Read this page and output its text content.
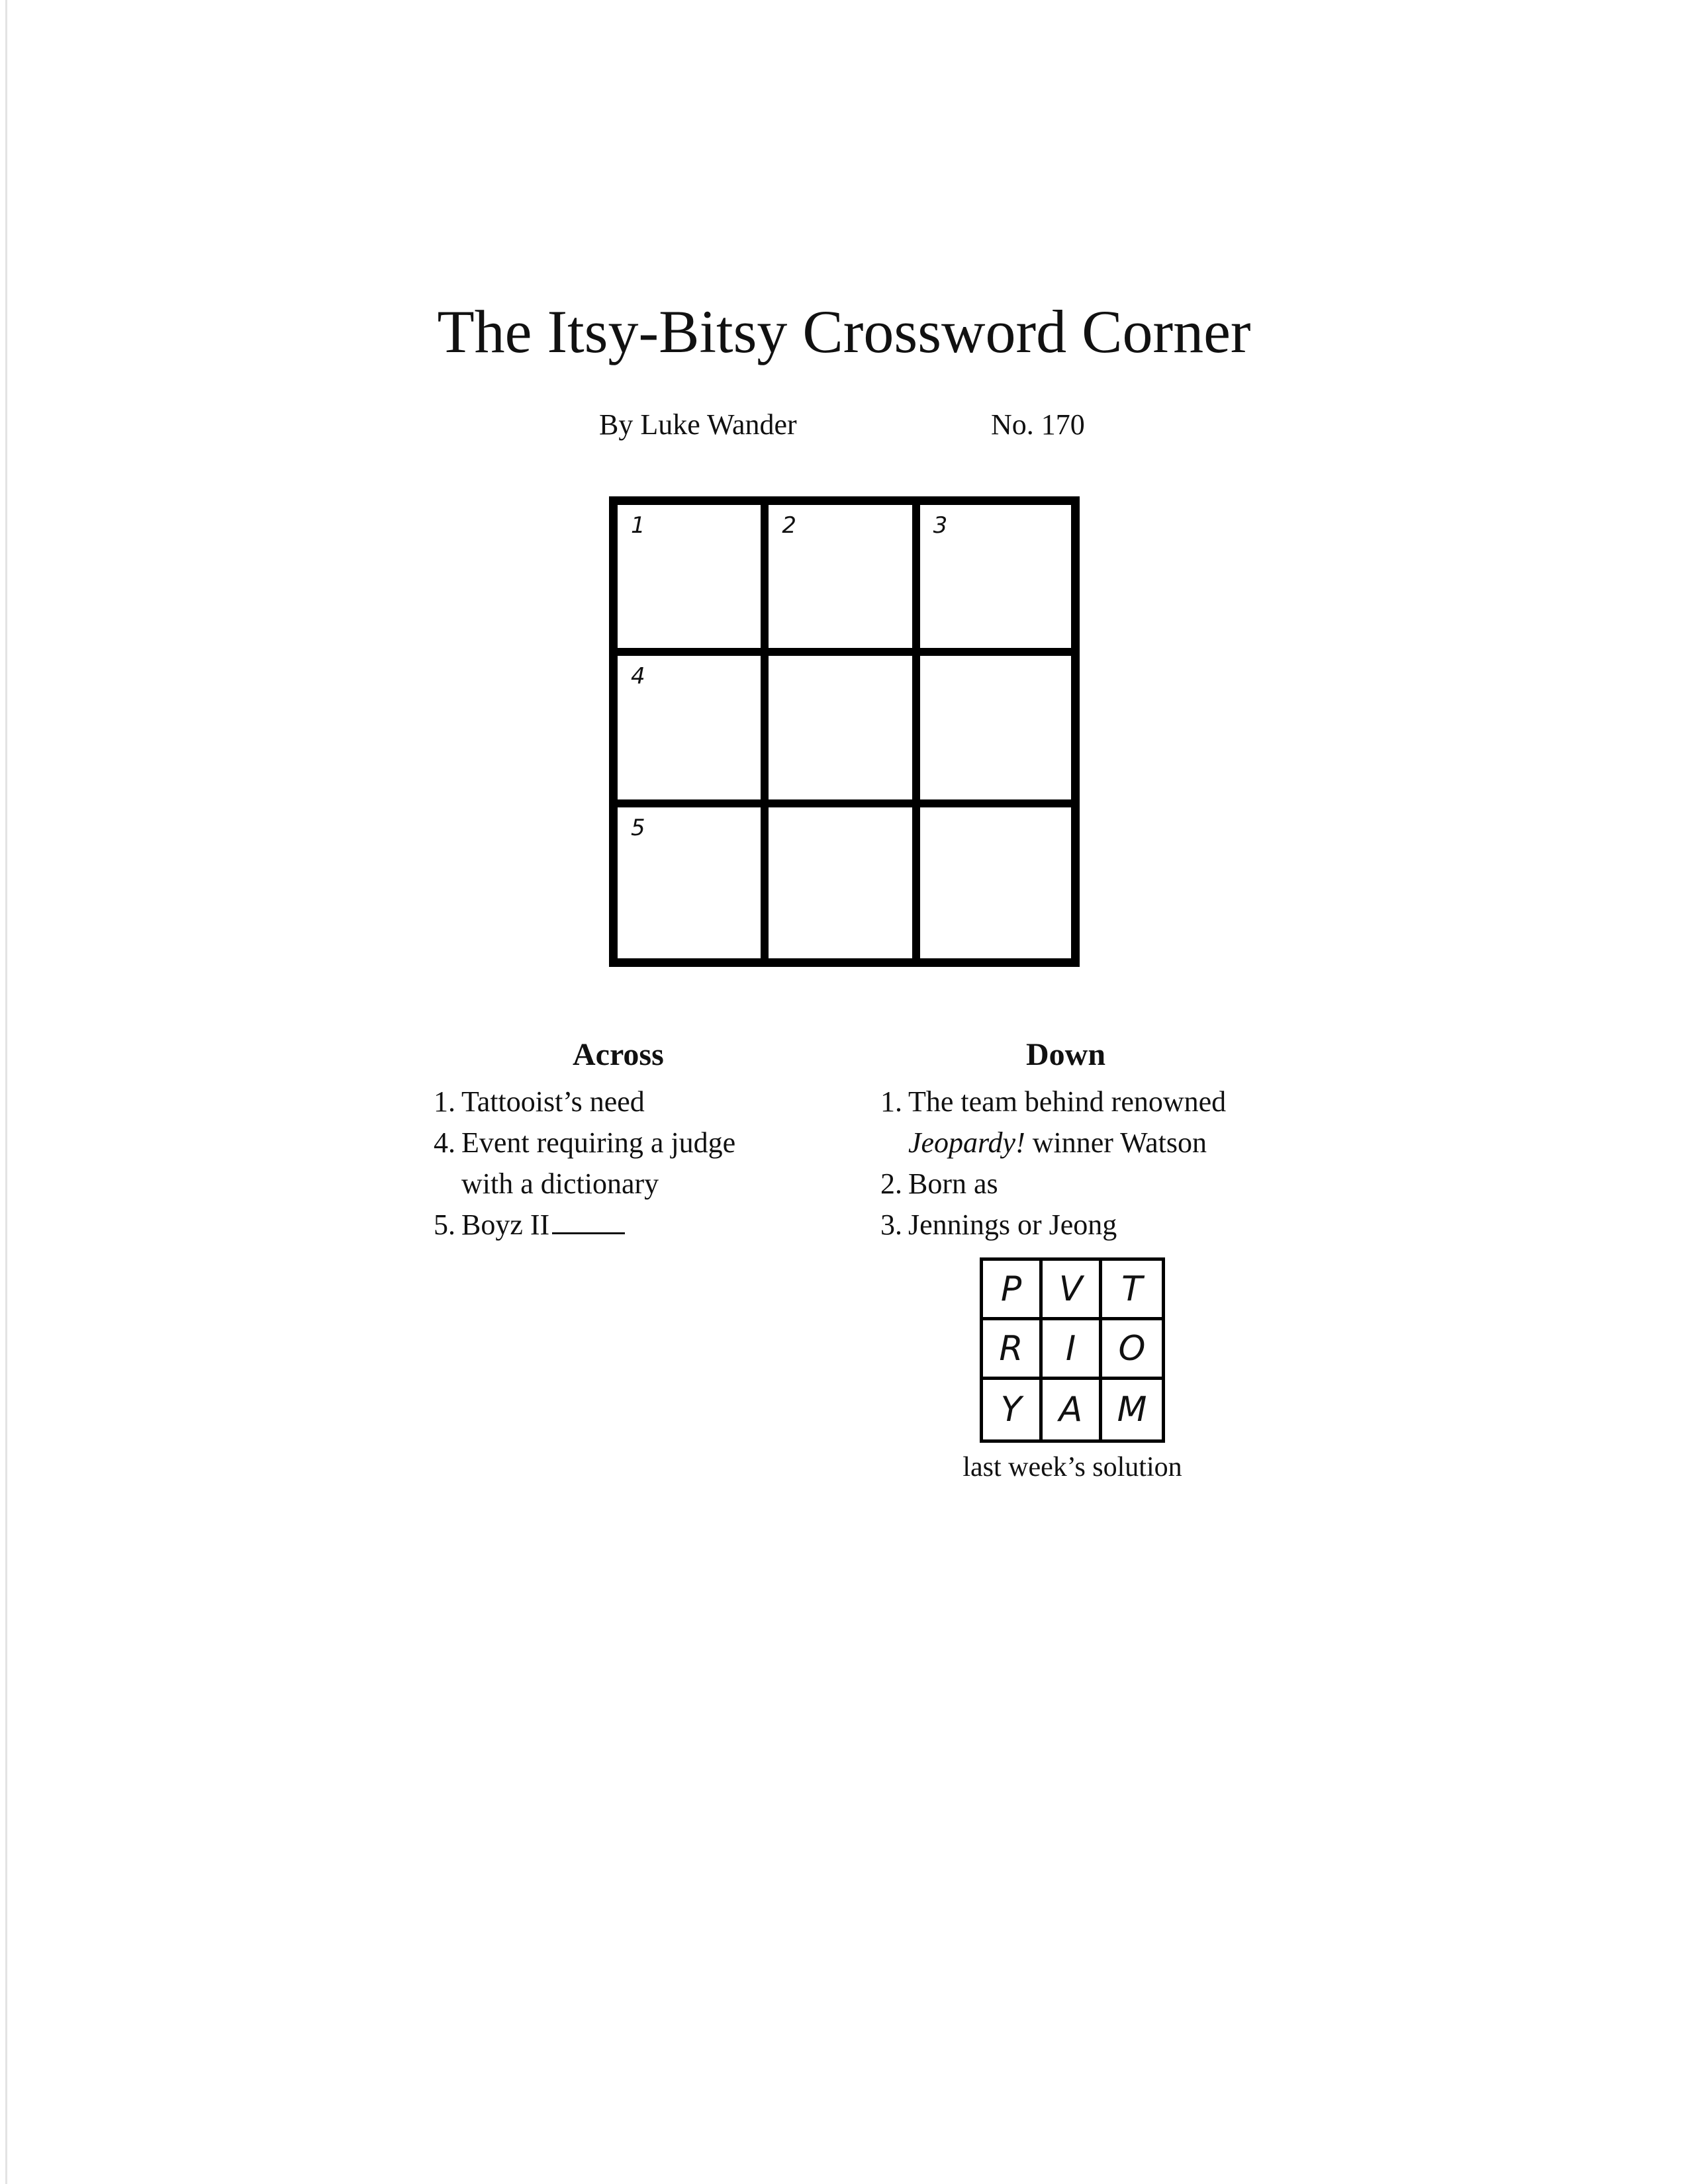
The Itsy-Bitsy Crossword Corner
By Luke Wander	No. 170
1	2	3
4
5
Across
1. Tattooist’s need
4. Event requiring a judge
with a dictionary
5. Boyz II
Down
1. The team behind renowned
Jeopardy! winner Watson
2. Born as
3. Jennings or Jeong
P	V	T
R	I	O
Y	A	M
last week’s solution
